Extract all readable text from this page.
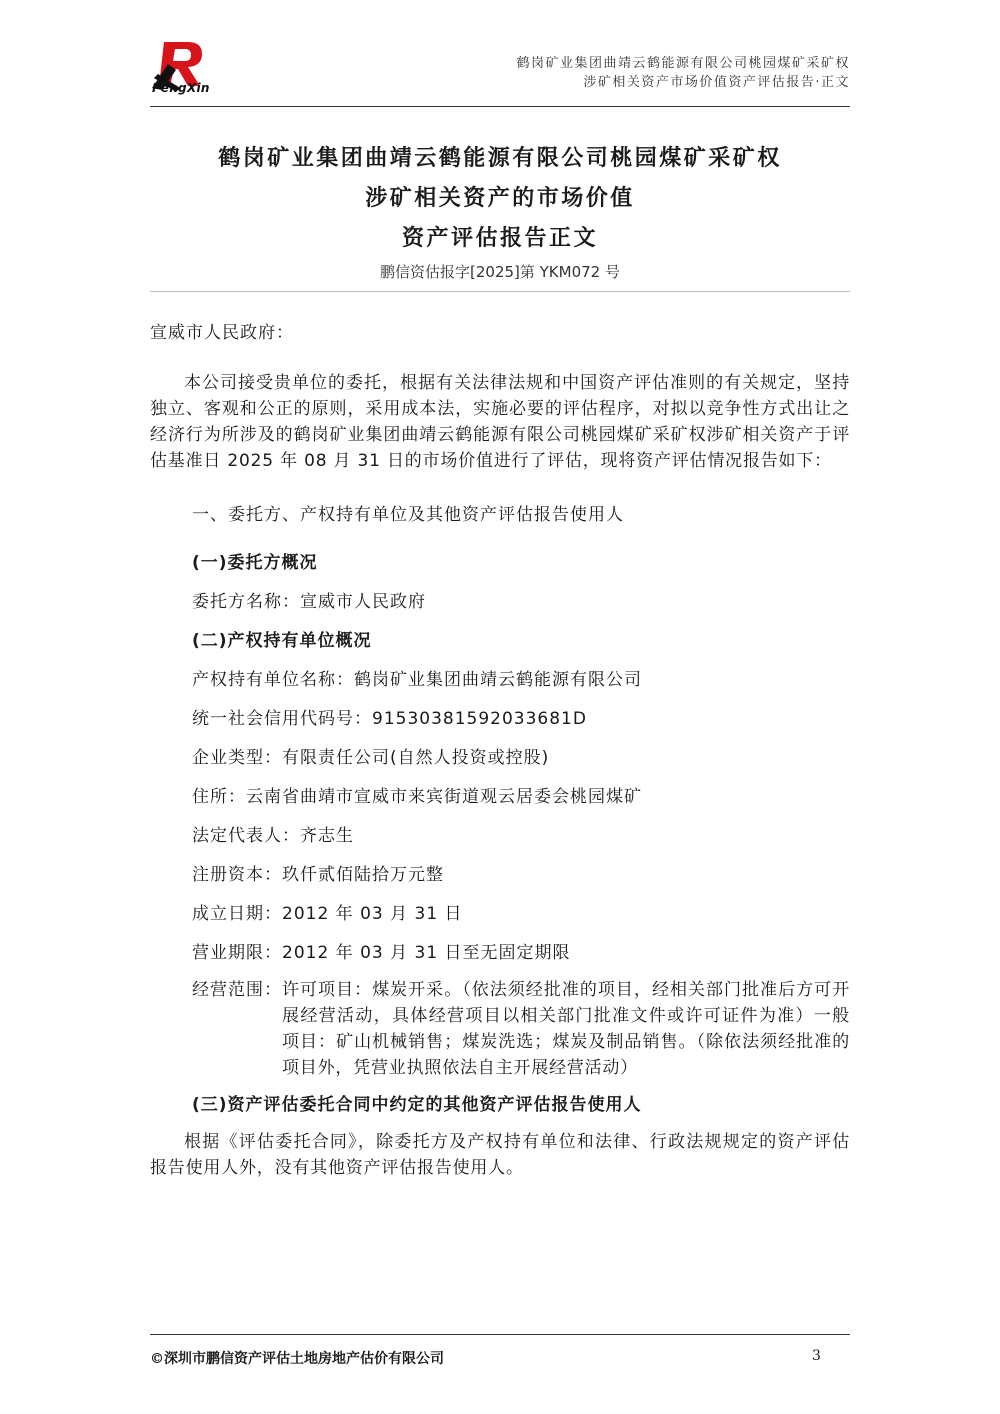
PengXin
鹤岗矿业集团曲靖云鹤能源有限公司桃园煤矿采矿权
涉矿相关资产市场价值资产评估报告·正文
鹤岗矿业集团曲靖云鹤能源有限公司桃园煤矿采矿权
涉矿相关资产的市场价值
资产评估报告正文
鹏信资估报字[2025]第 YKM072 号
宣威市人民政府：

本公司接受贵单位的委托，根据有关法律法规和中国资产评估准则的有关规定，坚持独立、客观和公正的原则，采用成本法，实施必要的评估程序，对拟以竞争性方式出让之经济行为所涉及的鹤岗矿业集团曲靖云鹤能源有限公司桃园煤矿采矿权涉矿相关资产于评估基准日 2025 年 08 月 31 日的市场价值进行了评估，现将资产评估情况报告如下：

一、委托方、产权持有单位及其他资产评估报告使用人
(一)委托方概况
委托方名称：宣威市人民政府
(二)产权持有单位概况
产权持有单位名称：鹤岗矿业集团曲靖云鹤能源有限公司
统一社会信用代码号：91530381592033681D
企业类型：有限责任公司(自然人投资或控股)
住所：云南省曲靖市宣威市来宾街道观云居委会桃园煤矿
法定代表人：齐志生
注册资本：玖仟贰佰陆拾万元整
成立日期：2012 年 03 月 31 日
营业期限：2012 年 03 月 31 日至无固定期限
经营范围： 许可项目：煤炭开采。（依法须经批准的项目，经相关部门批准后方可开展经营活动，具体经营项目以相关部门批准文件或许可证件为准）一般项目：矿山机械销售；煤炭洗选；煤炭及制品销售。（除依法须经批准的项目外，凭营业执照依法自主开展经营活动）
(三)资产评估委托合同中约定的其他资产评估报告使用人

根据《评估委托合同》，除委托方及产权持有单位和法律、行政法规规定的资产评估报告使用人外，没有其他资产评估报告使用人。

©深圳市鹏信资产评估土地房地产估价有限公司	3
